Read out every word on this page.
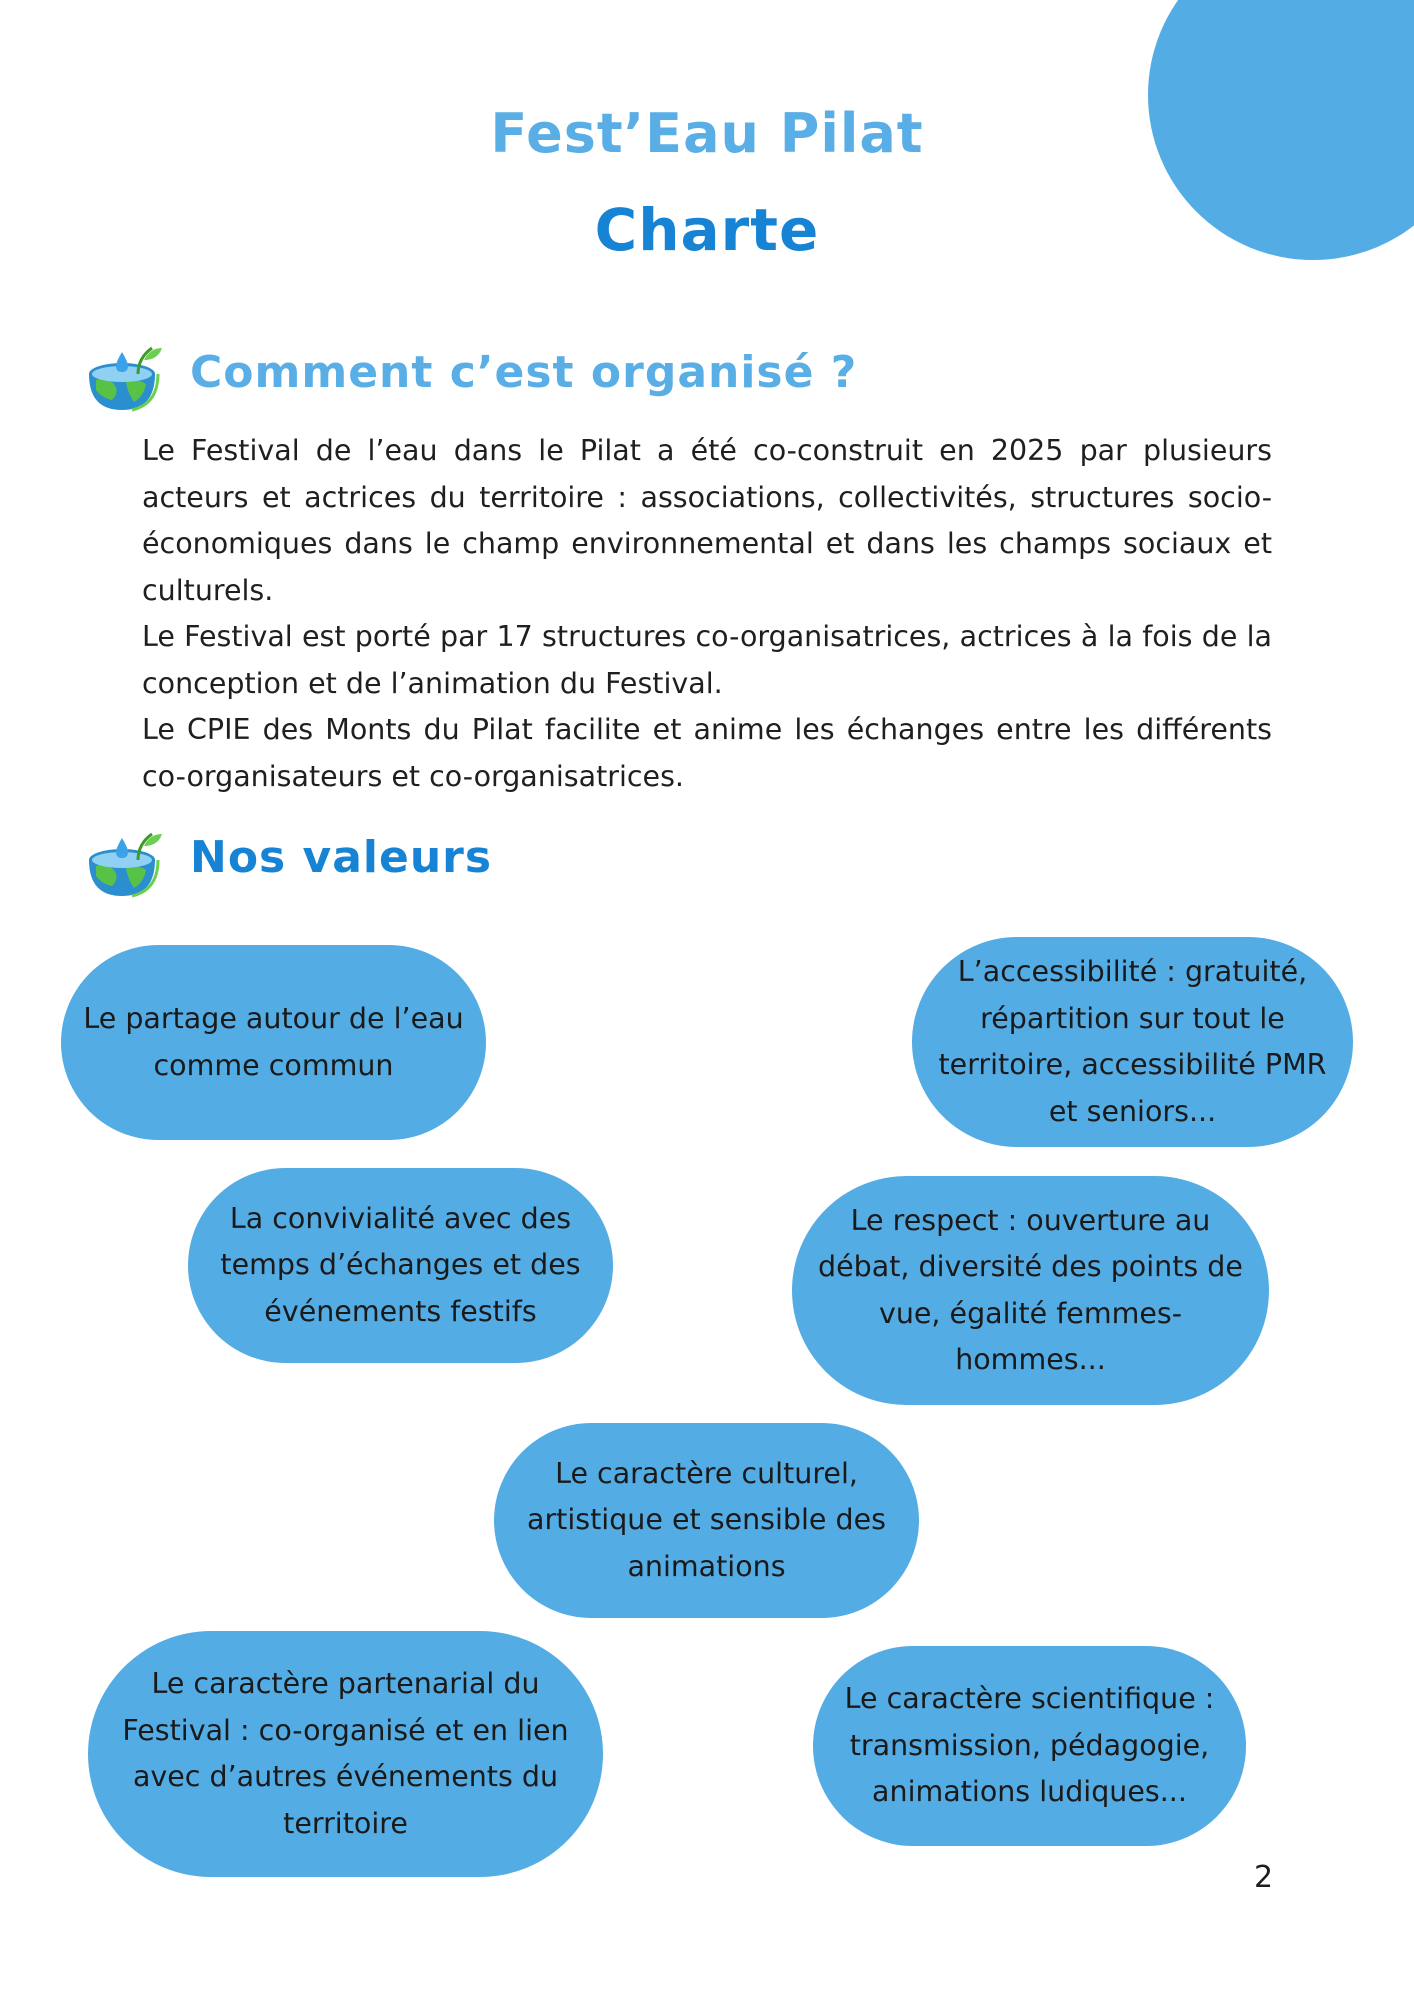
Fest’Eau Pilat
Charte
Comment c’est organisé ?

Le Festival de l’eau dans le Pilat a été co-construit en 2025 par plusieurs acteurs et actrices du territoire : associations, collectivités, structures socio-économiques dans le champ environnemental et dans les champs sociaux et culturels.

Le Festival est porté par 17 structures co-organisatrices, actrices à la fois de la conception et de l’animation du Festival.

Le CPIE des Monts du Pilat facilite et anime les échanges entre les différents co-organisateurs et co-organisatrices.

Nos valeurs
Le partage autour de l’eau
comme commun
L’accessibilité : gratuité,
répartition sur tout le
territoire, accessibilité PMR
et seniors...
La convivialité avec des
temps d’échanges et des
événements festifs
Le respect : ouverture au
débat, diversité des points de
vue, égalité femmes-
hommes...
Le caractère culturel,
artistique et sensible des
animations
Le caractère partenarial du
Festival : co-organisé et en lien
avec d’autres événements du
territoire
Le caractère scientifique :
transmission, pédagogie,
animations ludiques...
2
